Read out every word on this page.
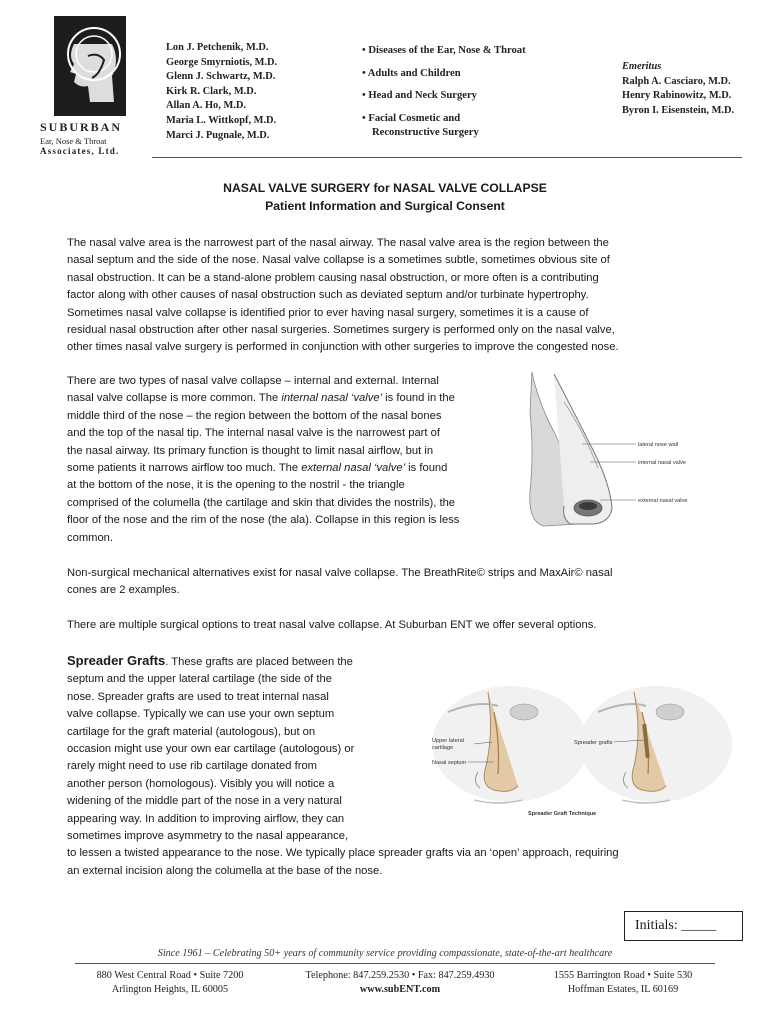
SUBURBAN
Ear, Nose & Throat
Associates, Ltd.
Lon J. Petchenik, M.D.
George Smyrniotis, M.D.
Glenn J. Schwartz, M.D.
Kirk R. Clark, M.D.
Allan A. Ho, M.D.
Maria L. Wittkopf, M.D.
Marci J. Pugnale, M.D.
• Diseases of the Ear, Nose & Throat
• Adults and Children
• Head and Neck Surgery
• Facial Cosmetic and
Reconstructive Surgery
Emeritus
Ralph A. Casciaro, M.D.
Henry Rabinowitz, M.D.
Byron I. Eisenstein, M.D.
NASAL VALVE SURGERY for NASAL VALVE COLLAPSE
Patient Information and Surgical Consent
The nasal valve area is the narrowest part of the nasal airway. The nasal valve area is the region between the
nasal septum and the side of the nose. Nasal valve collapse is a sometimes subtle, sometimes obvious site of
nasal obstruction. It can be a stand-alone problem causing nasal obstruction, or more often is a contributing
factor along with other causes of nasal obstruction such as deviated septum and/or turbinate hypertrophy.
Sometimes nasal valve collapse is identified prior to ever having nasal surgery, sometimes it is a cause of
residual nasal obstruction after other nasal surgeries. Sometimes surgery is performed only on the nasal valve,
other times nasal valve surgery is performed in conjunction with other surgeries to improve the congested nose.
There are two types of nasal valve collapse – internal and external. Internal
nasal valve collapse is more common. The internal nasal ‘valve’ is found in the
middle third of the nose – the region between the bottom of the nasal bones
and the top of the nasal tip. The internal nasal valve is the narrowest part of
the nasal airway. Its primary function is thought to limit nasal airflow, but in
some patients it narrows airflow too much. The external nasal ‘valve’ is found
at the bottom of the nose, it is the opening to the nostril - the triangle
comprised of the columella (the cartilage and skin that divides the nostrils), the
floor of the nose and the rim of the nose (the ala). Collapse in this region is less
common.
lateral nose wall
internal nasal valve
external nasal valve
Non-surgical mechanical alternatives exist for nasal valve collapse. The BreathRite© strips and MaxAir© nasal
cones are 2 examples.
There are multiple surgical options to treat nasal valve collapse. At Suburban ENT we offer several options.
Spreader Grafts. These grafts are placed between the
septum and the upper lateral cartilage (the side of the
nose. Spreader grafts are used to treat internal nasal
valve collapse. Typically we can use your own septum
cartilage for the graft material (autologous), but on
occasion might use your own ear cartilage (autologous) or
rarely might need to use rib cartilage donated from
another person (homologous). Visibly you will notice a
widening of the middle part of the nose in a very natural
appearing way. In addition to improving airflow, they can
sometimes improve asymmetry to the nasal appearance,
to lessen a twisted appearance to the nose. We typically place spreader grafts via an ‘open’ approach, requiring
an external incision along the columella at the base of the nose.
Upper lateral
cartilage
Nasal septum
Spreader grafts
Spreader Graft Technique
Initials: _____
Since 1961 – Celebrating 50+ years of community service providing compassionate, state-of-the-art healthcare
880 West Central Road • Suite 7200
Arlington Heights, IL 60005
Telephone: 847.259.2530 • Fax: 847.259.4930
www.subENT.com
1555 Barrington Road • Suite 530
Hoffman Estates, IL 60169
